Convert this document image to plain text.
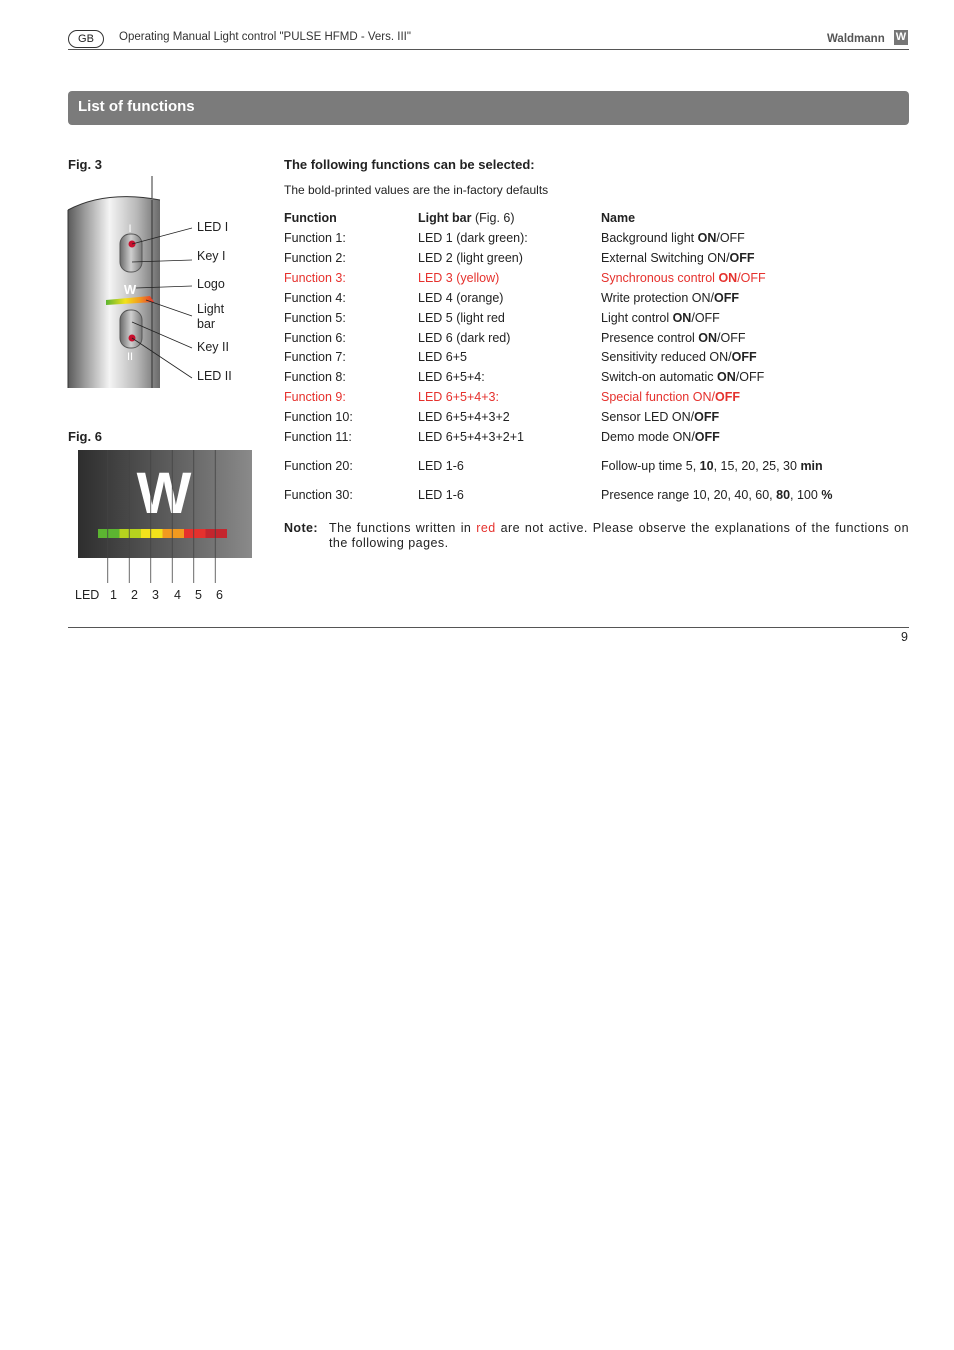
GB	Operating Manual Light control "PULSE HFMD - Vers. III"	Waldmann W
List of functions
Fig. 3
I
W
II
LED I
Key I
Logo
Light
bar
Key II
LED II
Fig. 6
W
LED 1 2 3 4 5 6
The following functions can be selected:
The bold-printed values are the in-factory defaults
Function	Light bar (Fig. 6)	Name
Function 1:	LED 1 (dark green):	Background light ON/OFF
Function 2:	LED 2 (light green)	External Switching ON/OFF
Function 3:	LED 3 (yellow)	Synchronous control ON/OFF
Function 4:	LED 4 (orange)	Write protection ON/OFF
Function 5:	LED 5 (light red	Light control ON/OFF
Function 6:	LED 6 (dark red)	Presence control ON/OFF
Function 7:	LED 6+5	Sensitivity reduced ON/OFF
Function 8:	LED 6+5+4:	Switch-on automatic ON/OFF
Function 9:	LED 6+5+4+3:	Special function ON/OFF
Function 10:	LED 6+5+4+3+2	Sensor LED ON/OFF
Function 11:	LED 6+5+4+3+2+1	Demo mode ON/OFF
Function 20:	LED 1-6	Follow-up time 5, 10, 15, 20, 25, 30 min
Function 30:	LED 1-6	Presence range 10, 20, 40, 60, 80, 100 %
Note: The functions written in red are not active. Please observe the explanations of the functions on the following pages.
9
